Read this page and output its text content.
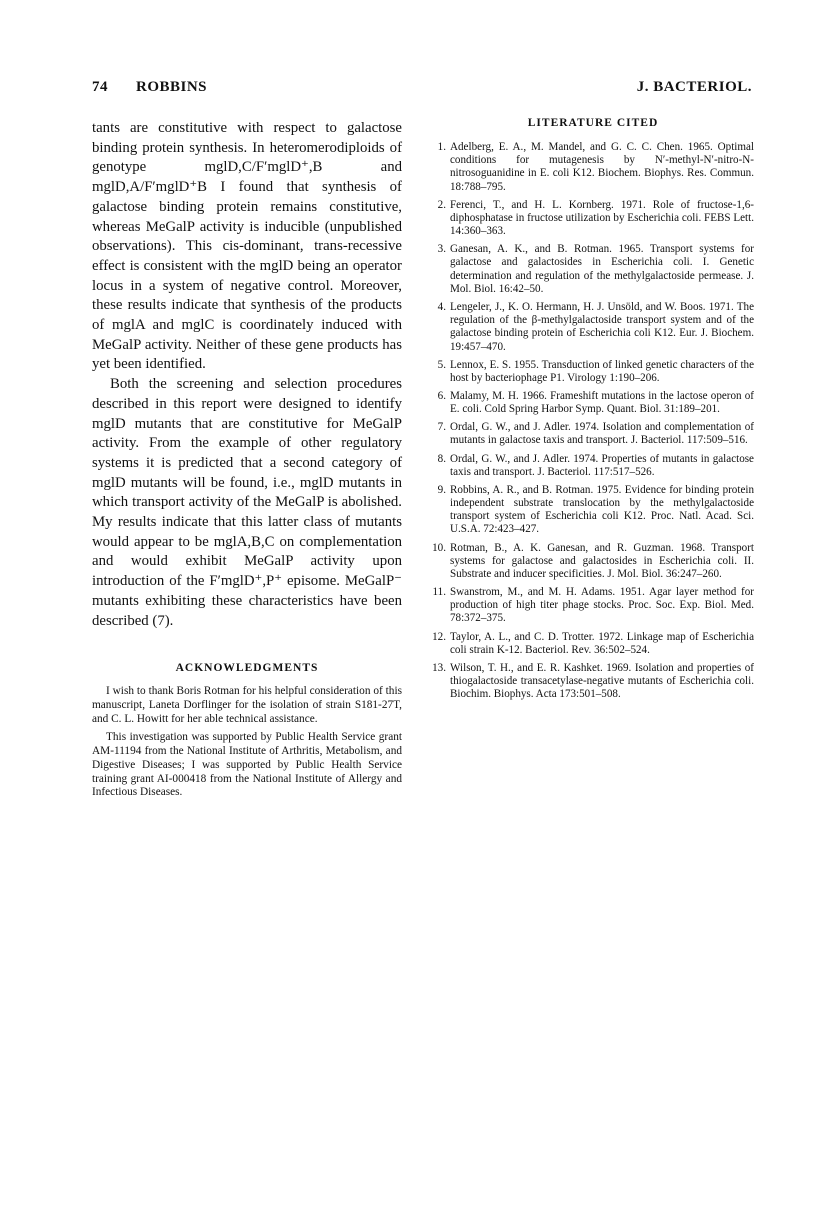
74 ROBBINS	J. BACTERIOL.

tants are constitutive with respect to galactose binding protein synthesis. In heteromerodiploids of genotype mglD,C/F′mglD⁺,B and mglD,A/F′mglD⁺B I found that synthesis of galactose binding protein remains constitutive, whereas MeGalP activity is inducible (unpublished observations). This cis-dominant, trans-recessive effect is consistent with the mglD being an operator locus in a system of negative control. Moreover, these results indicate that synthesis of the products of mglA and mglC is coordinately induced with MeGalP activity. Neither of these gene products has yet been identified.

Both the screening and selection procedures described in this report were designed to identify mglD mutants that are constitutive for MeGalP activity. From the example of other regulatory systems it is predicted that a second category of mglD mutants will be found, i.e., mglD mutants in which transport activity of the MeGalP is abolished. My results indicate that this latter class of mutants would appear to be mglA,B,C on complementation and would exhibit MeGalP activity upon introduction of the F′mglD⁺,P⁺ episome. MeGalP⁻ mutants exhibiting these characteristics have been described (7).

ACKNOWLEDGMENTS

I wish to thank Boris Rotman for his helpful consideration of this manuscript, Laneta Dorflinger for the isolation of strain S181-27T, and C. L. Howitt for her able technical assistance.

This investigation was supported by Public Health Service grant AM-11194 from the National Institute of Arthritis, Metabolism, and Digestive Diseases; I was supported by Public Health Service training grant AI-000418 from the National Institute of Allergy and Infectious Diseases.

LITERATURE CITED
1. Adelberg, E. A., M. Mandel, and G. C. C. Chen. 1965. Optimal conditions for mutagenesis by N′-methyl-N′-nitro-N-nitrosoguanidine in E. coli K12. Biochem. Biophys. Res. Commun. 18:788–795.
2. Ferenci, T., and H. L. Kornberg. 1971. Role of fructose-1,6-diphosphatase in fructose utilization by Escherichia coli. FEBS Lett. 14:360–363.
3. Ganesan, A. K., and B. Rotman. 1965. Transport systems for galactose and galactosides in Escherichia coli. I. Genetic determination and regulation of the methylgalactoside permease. J. Mol. Biol. 16:42–50.
4. Lengeler, J., K. O. Hermann, H. J. Unsöld, and W. Boos. 1971. The regulation of the β-methylgalactoside transport system and of the galactose binding protein of Escherichia coli K12. Eur. J. Biochem. 19:457–470.
5. Lennox, E. S. 1955. Transduction of linked genetic characters of the host by bacteriophage P1. Virology 1:190–206.
6. Malamy, M. H. 1966. Frameshift mutations in the lactose operon of E. coli. Cold Spring Harbor Symp. Quant. Biol. 31:189–201.
7. Ordal, G. W., and J. Adler. 1974. Isolation and complementation of mutants in galactose taxis and transport. J. Bacteriol. 117:509–516.
8. Ordal, G. W., and J. Adler. 1974. Properties of mutants in galactose taxis and transport. J. Bacteriol. 117:517–526.
9. Robbins, A. R., and B. Rotman. 1975. Evidence for binding protein independent substrate translocation by the methylgalactoside transport system of Escherichia coli K12. Proc. Natl. Acad. Sci. U.S.A. 72:423–427.
10. Rotman, B., A. K. Ganesan, and R. Guzman. 1968. Transport systems for galactose and galactosides in Escherichia coli. II. Substrate and inducer specificities. J. Mol. Biol. 36:247–260.
11. Swanstrom, M., and M. H. Adams. 1951. Agar layer method for production of high titer phage stocks. Proc. Soc. Exp. Biol. Med. 78:372–375.
12. Taylor, A. L., and C. D. Trotter. 1972. Linkage map of Escherichia coli strain K-12. Bacteriol. Rev. 36:502–524.
13. Wilson, T. H., and E. R. Kashket. 1969. Isolation and properties of thiogalactoside transacetylase-negative mutants of Escherichia coli. Biochim. Biophys. Acta 173:501–508.
